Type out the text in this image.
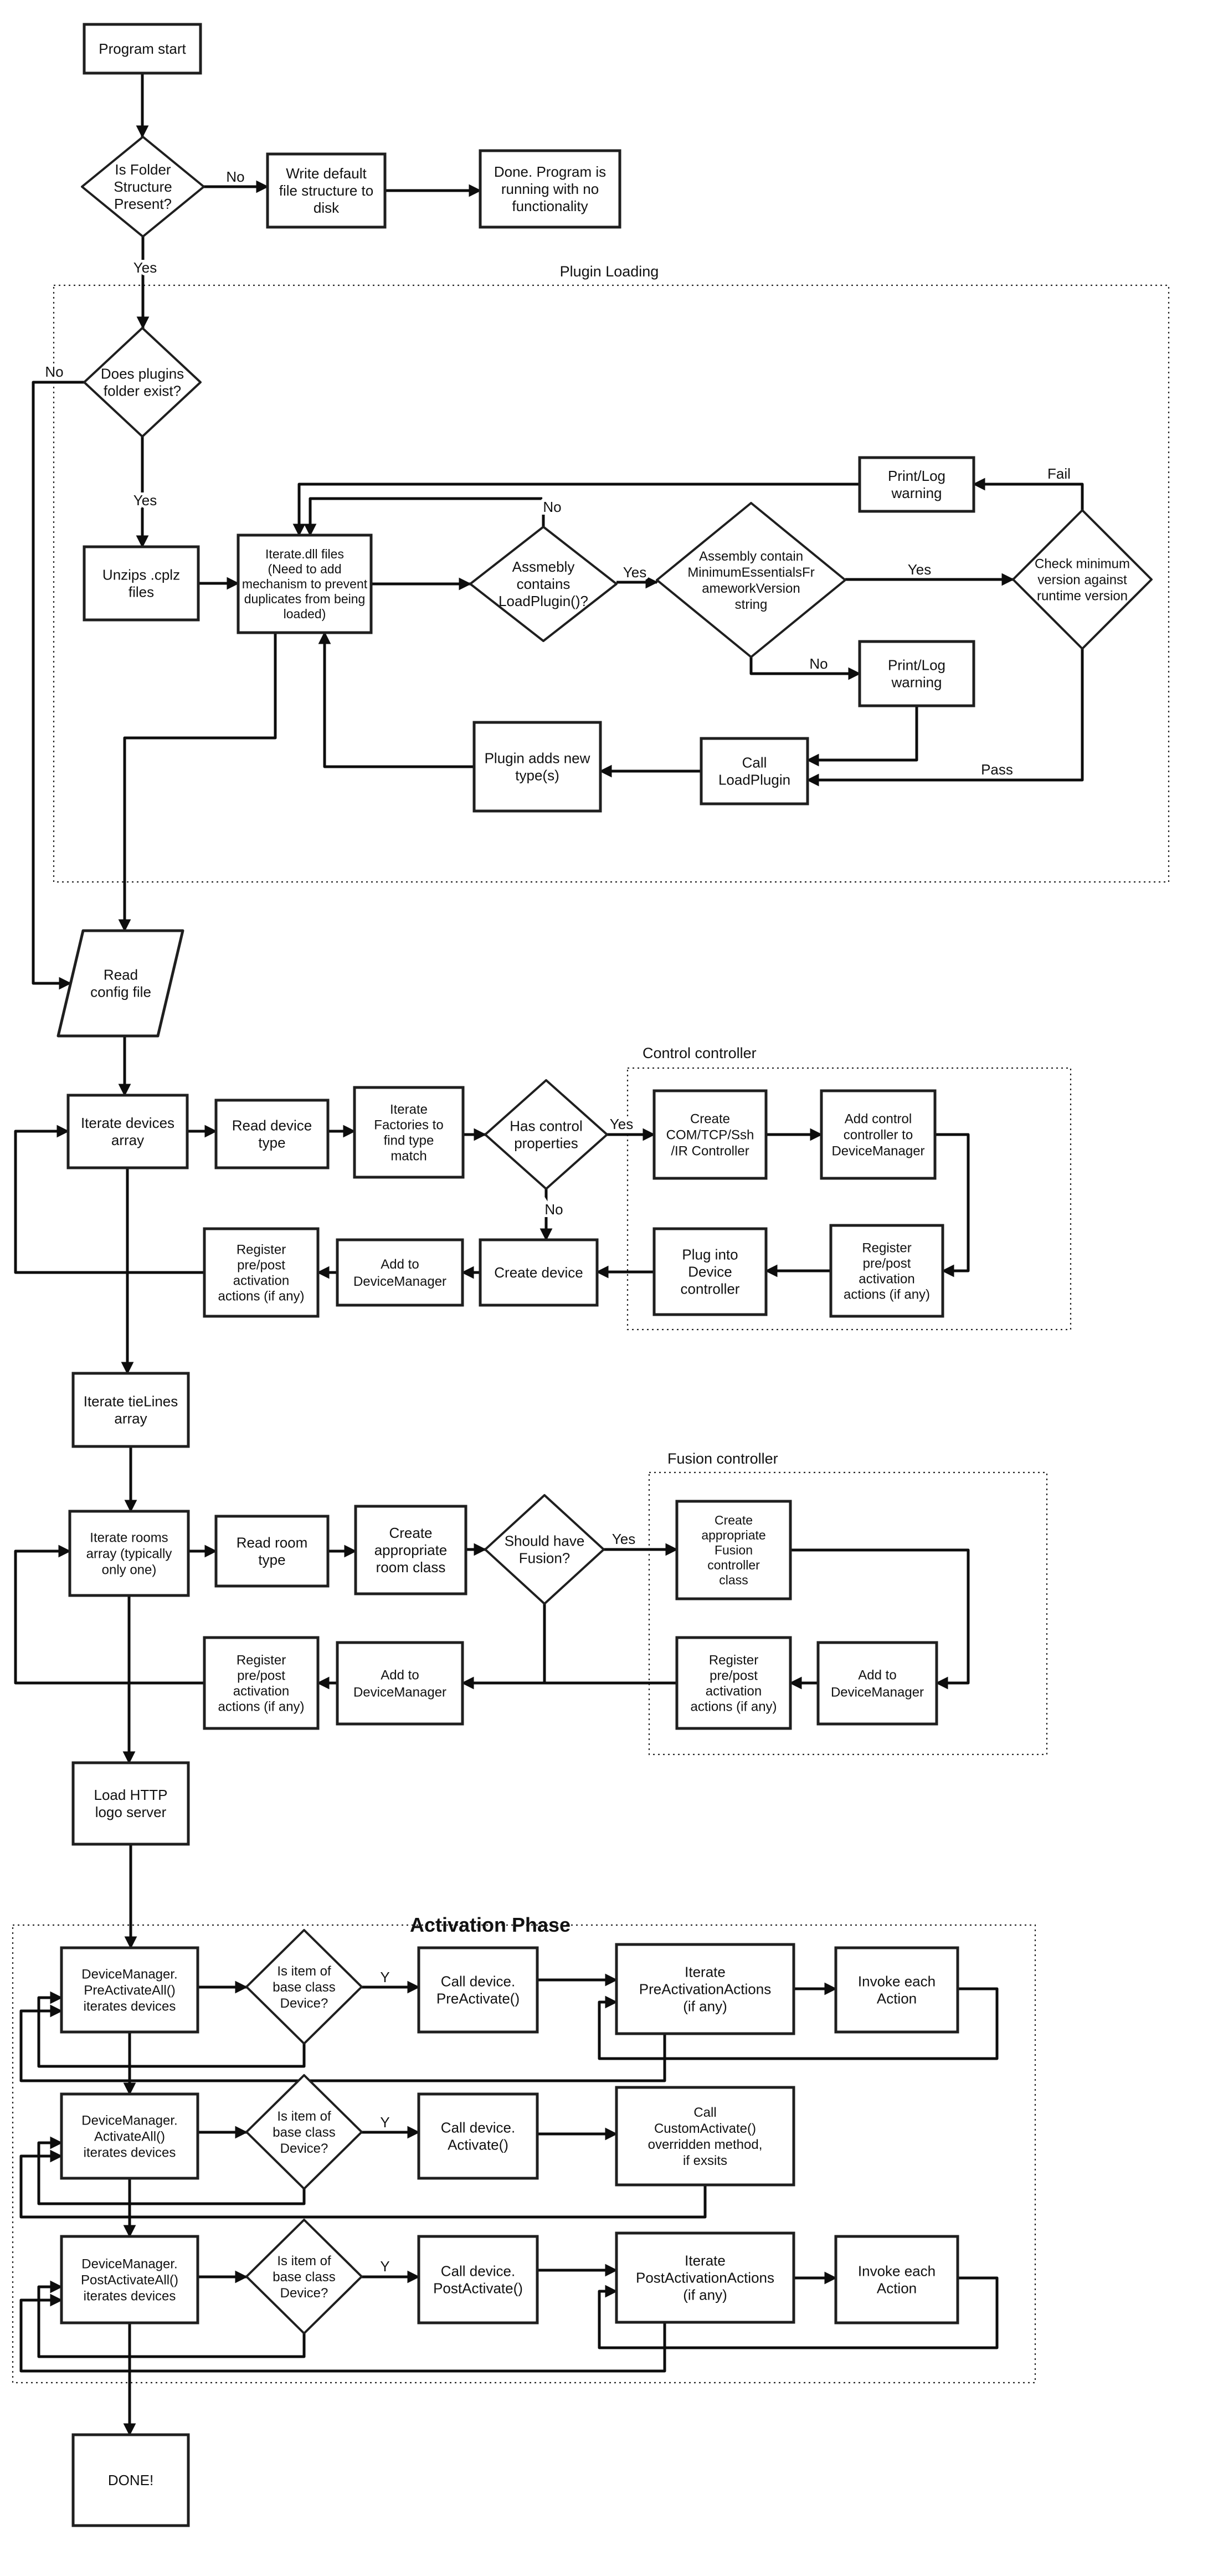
Plugin Loading
Control controller
Fusion controller
Activation Phase
No
Yes
No
Yes
Yes	Yes
No
Fail
No
Pass
Yes
No
Yes
Y
Y
Y
Program start
Is Folder Structure Present?
Write default file structure to disk
Done. Program is running with no functionality
Does plugins folder exist?
Unzips .cplz files
Iterate.dll files (Need to add mechanism to prevent duplicates from being loaded)
Assmebly contains LoadPlugin()?
Assembly contain MinimumEssentialsFr ameworkVersion string
Check minimum version against runtime version
Print/Log warning
Print/Log warning
Call LoadPlugin
Plugin adds new type(s)
Read config file
Iterate devices array
Read device type
Iterate Factories to find type match
Has control properties
Create COM/TCP/Ssh /IR Controller
Add control controller to DeviceManager
Register pre/post activation actions (if any)
Plug into Device controller
Create device
Add to DeviceManager
Register pre/post activation actions (if any)
Iterate tieLines array
Iterate rooms array (typically only one)
Read room type
Create appropriate room class
Should have Fusion?
Create appropriate Fusion controller class
Register pre/post activation actions (if any)
Add to DeviceManager
Register pre/post activation actions (if any)
Add to DeviceManager
Load HTTP logo server
DeviceManager. PreActivateAll() iterates devices
Is item of base class Device?
Call device. PreActivate()
Iterate PreActivationActions (if any)
Invoke each Action
DeviceManager. ActivateAll() iterates devices
Is item of base class Device?
Call device. Activate()
Call CustomActivate() overridden method, if exsits
DeviceManager. PostActivateAll() iterates devices
Is item of base class Device?
Call device. PostActivate()
Iterate PostActivationActions (if any)
Invoke each Action
DONE!
